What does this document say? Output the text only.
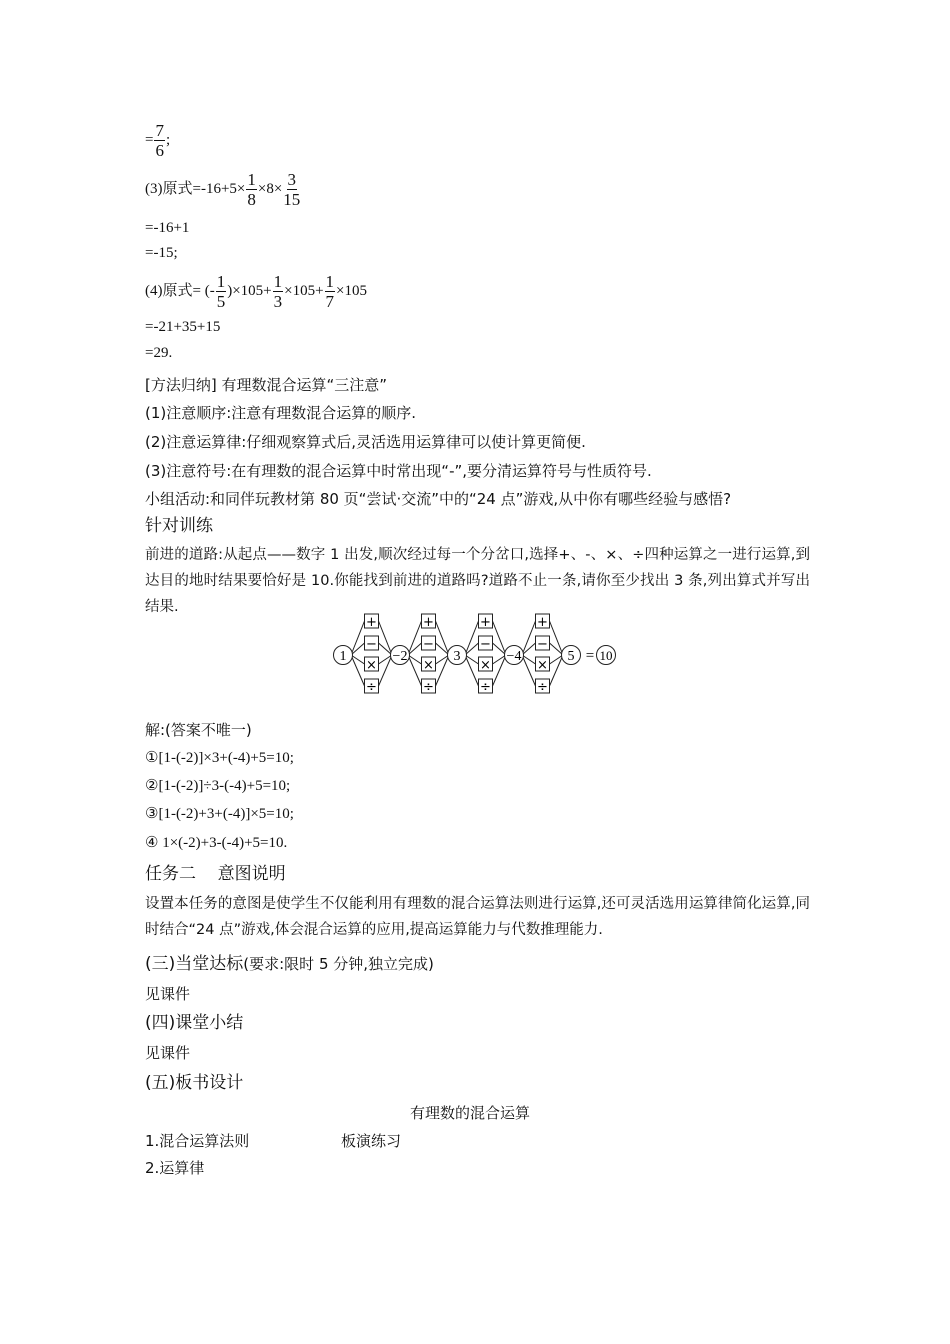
= $\frac{7}{6}$ ;
(3)原式$=-16+5\times \frac{1}{8} \times 8\times \frac{3}{15}$
=-16+1
=-15;
(4)原式= (- $\frac{1}{5} )\times 105+ \frac{1}{3} \times 105+ \frac{1}{7} \times 105$
=-21+35+15
=29.
[方法归纳] 有理数混合运算“三注意”
(1)注意顺序:注意有理数混合运算的顺序.
(2)注意运算律:仔细观察算式后,灵活选用运算律可以使计算更简便.
(3)注意符号:在有理数的混合运算中时常出现“-”,要分清运算符号与性质符号.
小组活动:和同伴玩教材第 80 页“尝试·交流”中的“24 点”游戏,从中你有哪些经验与感悟?
针对训练
前进的道路:从起点——数字 1 出发,顺次经过每一个分岔口,选择+、-、×、÷四种运算之一进行运算,到达目的地时结果要恰好是 10.你能找到前进的道路吗?道路不止一条,请你至少找出 3 条,列出算式并写出结果.
+
−
×
÷
+
−
×
÷
+
−
×
÷
+
−
×
÷
1	−2	3	−4	5 = 10
解:(答案不唯一)
①[1-(-2)]×3+(-4)+5=10;
②[1-(-2)]÷3-(-4)+5=10;
③[1-(-2)+3+(-4)]×5=10;
④ 1×(-2)+3-(-4)+5=10.
任务二    意图说明
设置本任务的意图是使学生不仅能利用有理数的混合运算法则进行运算,还可灵活选用运算律简化运算,同时结合“24 点”游戏,体会混合运算的应用,提高运算能力与代数推理能力.
(三)当堂达标(要求:限时 5 分钟,独立完成)
见课件
(四)课堂小结
见课件
(五)板书设计
有理数的混合运算
1.混合运算法则	板演练习
2.运算律
